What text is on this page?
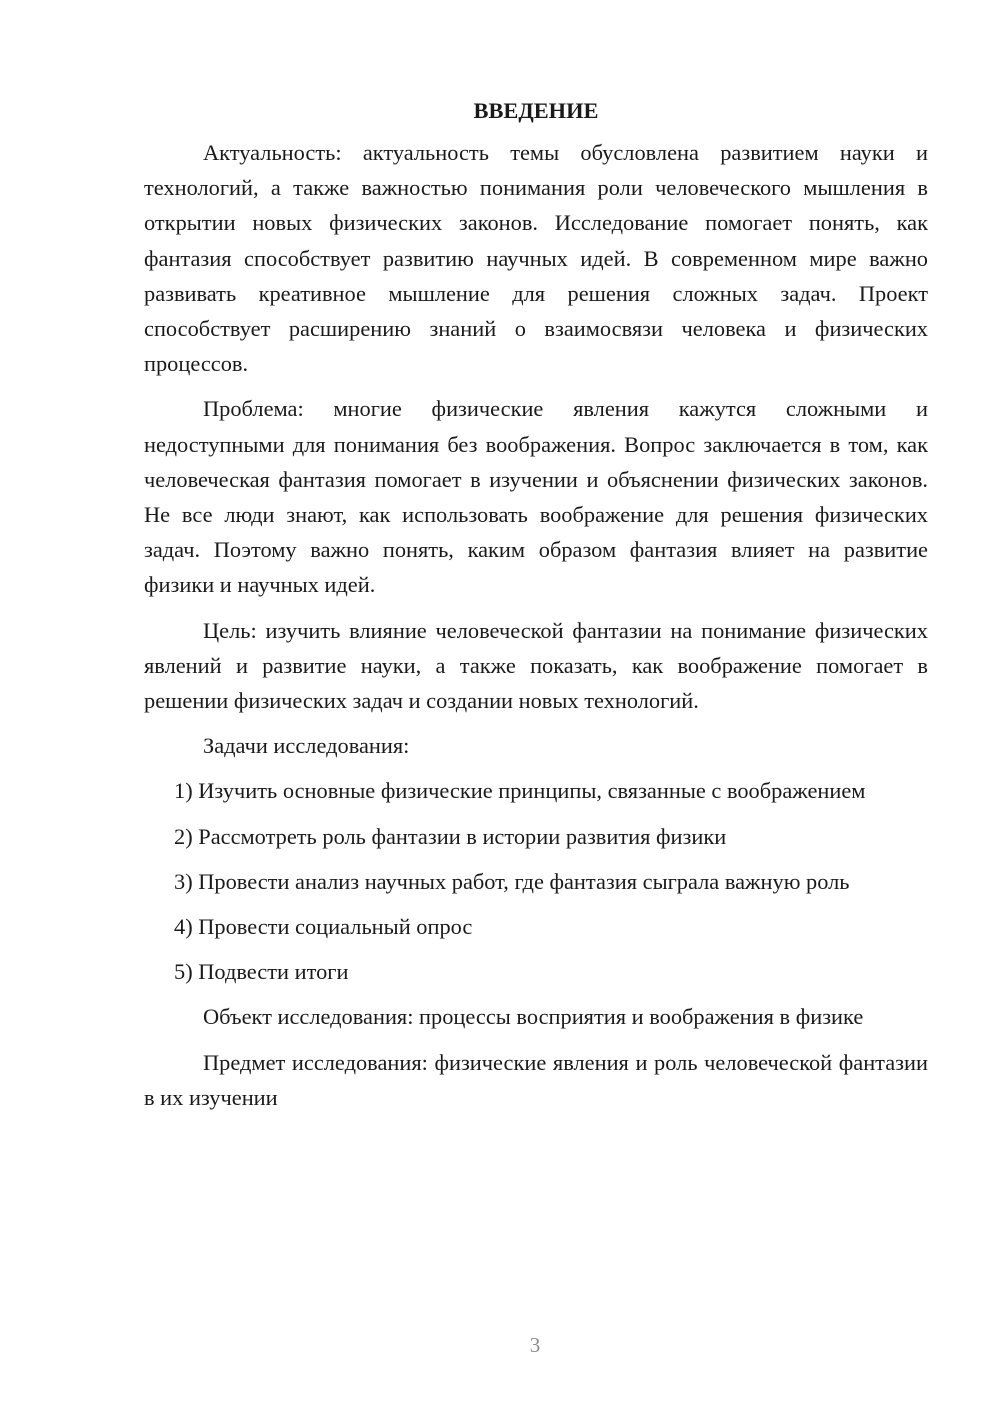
ВВЕДЕНИЕ

Актуальность: актуальность темы обусловлена развитием науки и технологий, а также важностью понимания роли человеческого мышления в открытии новых физических законов. Исследование помогает понять, как фантазия способствует развитию научных идей. В современном мире важно развивать креативное мышление для решения сложных задач. Проект способствует расширению знаний о взаимосвязи человека и физических процессов.

Проблема: многие физические явления кажутся сложными и недоступными для понимания без воображения. Вопрос заключается в том, как человеческая фантазия помогает в изучении и объяснении физических законов. Не все люди знают, как использовать воображение для решения физических задач. Поэтому важно понять, каким образом фантазия влияет на развитие физики и научных идей.

Цель: изучить влияние человеческой фантазии на понимание физических явлений и развитие науки, а также показать, как воображение помогает в решении физических задач и создании новых технологий.

Задачи исследования:

1) Изучить основные физические принципы, связанные с воображением

2) Рассмотреть роль фантазии в истории развития физики

3) Провести анализ научных работ, где фантазия сыграла важную роль

4) Провести социальный опрос

5) Подвести итоги

Объект исследования: процессы восприятия и воображения в физике

Предмет исследования: физические явления и роль человеческой фантазии в их изучении

3
